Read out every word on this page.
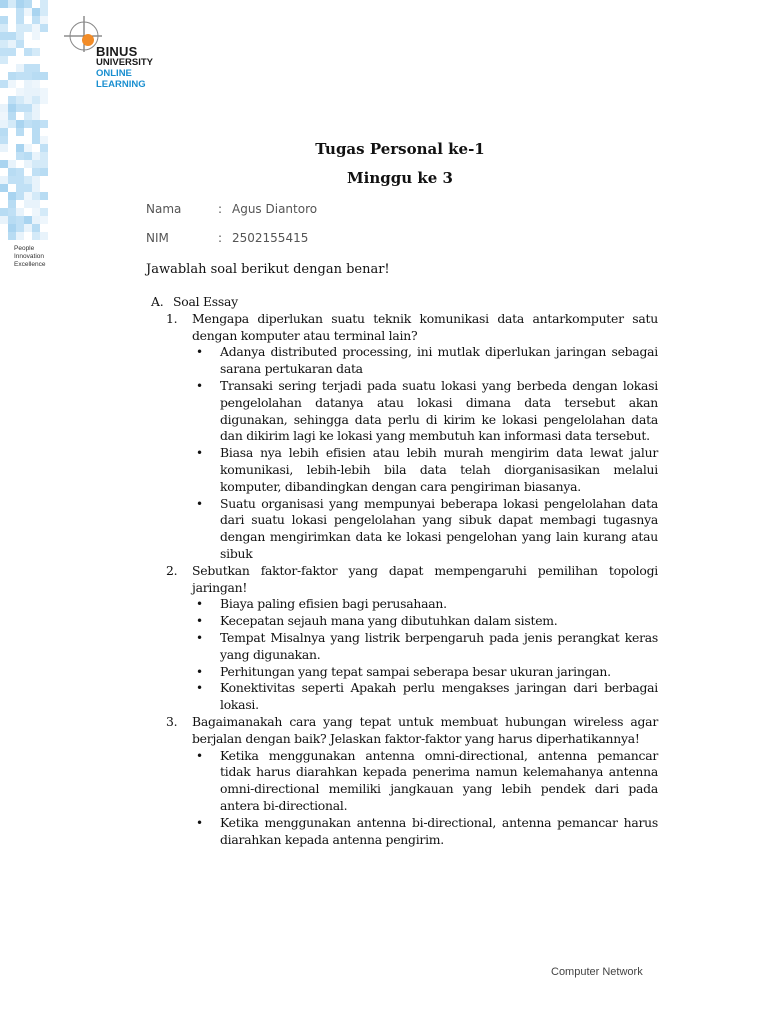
BINUS
UNIVERSITY
ONLINE
LEARNING
People
Innovation
Excellence
Tugas Personal ke-1
Minggu ke 3
Nama	: Agus Diantoro
NIM	: 2502155415
Jawablah soal berikut dengan benar!
A. Soal Essay
1. Mengapa diperlukan suatu teknik komunikasi data antarkomputer satu dengan komputer atau terminal lain?
• Adanya distributed processing, ini mutlak diperlukan jaringan sebagai sarana pertukaran data
• Transaki sering terjadi pada suatu lokasi yang berbeda dengan lokasi pengelolahan datanya atau lokasi dimana data tersebut akan digunakan, sehingga data perlu di kirim ke lokasi pengelolahan data dan dikirim lagi ke lokasi yang membutuh kan informasi data tersebut.
• Biasa nya lebih efisien atau lebih murah mengirim data lewat jalur komunikasi, lebih-lebih bila data telah diorganisasikan melalui komputer, dibandingkan dengan cara pengiriman biasanya.
• Suatu organisasi yang mempunyai beberapa lokasi pengelolahan data dari suatu lokasi pengelolahan yang sibuk dapat membagi tugasnya dengan mengirimkan data ke lokasi pengelohan yang lain kurang atau sibuk
2. Sebutkan faktor-faktor yang dapat mempengaruhi pemilihan topologi jaringan!
• Biaya paling efisien bagi perusahaan.
• Kecepatan sejauh mana yang dibutuhkan dalam sistem.
• Tempat Misalnya yang listrik berpengaruh pada jenis perangkat keras yang digunakan.
• Perhitungan yang tepat sampai seberapa besar ukuran jaringan.
• Konektivitas seperti Apakah perlu mengakses jaringan dari berbagai lokasi.
3. Bagaimanakah cara yang tepat untuk membuat hubungan wireless agar berjalan dengan baik? Jelaskan faktor-faktor yang harus diperhatikannya!
• Ketika menggunakan antenna omni-directional, antenna pemancar tidak harus diarahkan kepada penerima namun kelemahanya antenna omni-directional memiliki jangkauan yang lebih pendek dari pada antera bi-directional.
• Ketika menggunakan antenna bi-directional, antenna pemancar harus diarahkan kepada antenna pengirim.
Computer Network
